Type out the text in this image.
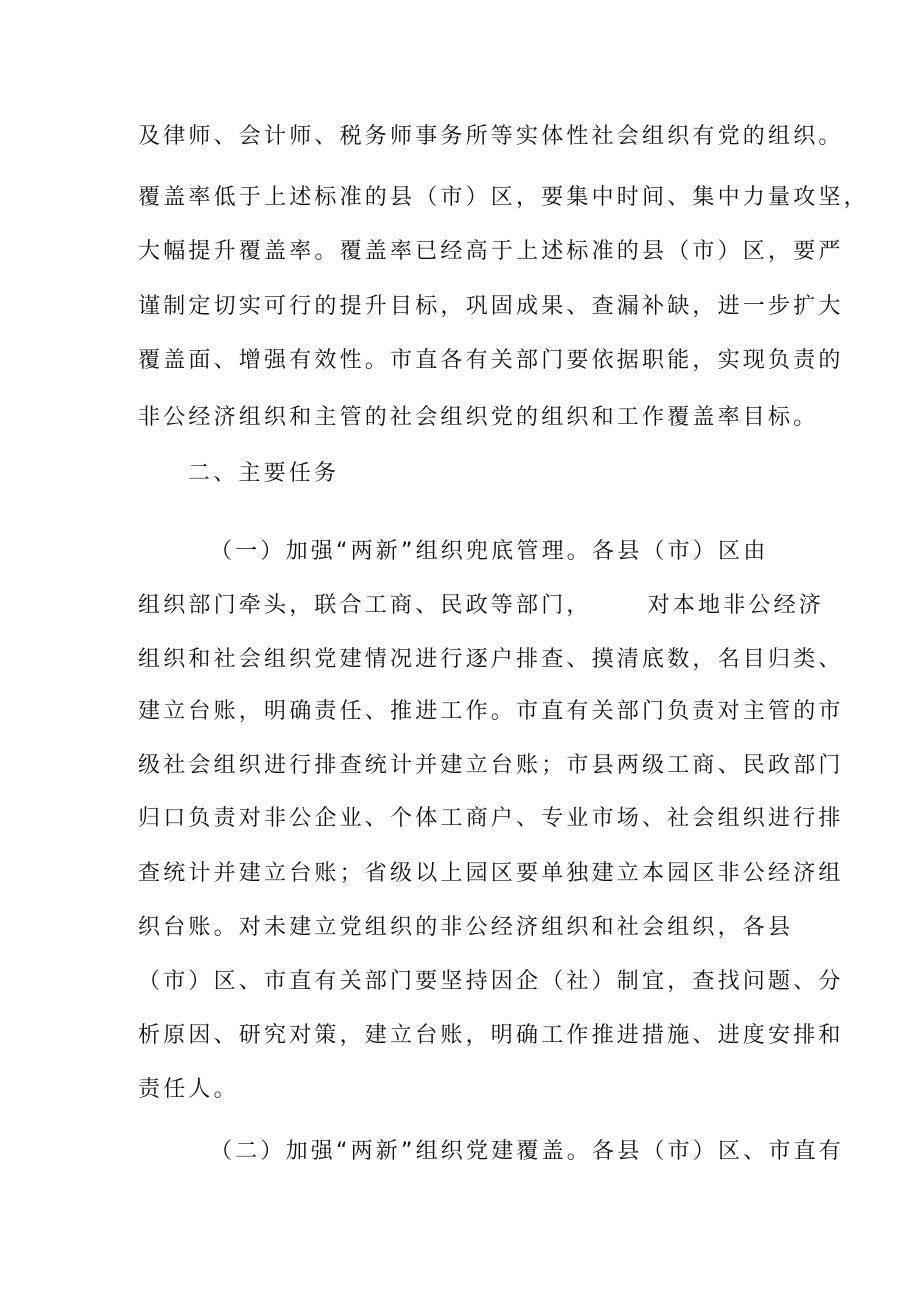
及律师、会计师、税务师事务所等实体性社会组织有党的组织。
覆盖率低于上述标准的县（市）区，要集中时间、集中力量攻坚，
大幅提升覆盖率。覆盖率已经高于上述标准的县（市）区，要严
谨制定切实可行的提升目标，巩固成果、查漏补缺，进一步扩大
覆盖面、增强有效性。市直各有关部门要依据职能，实现负责的
非公经济组织和主管的社会组织党的组织和工作覆盖率目标。
二、主要任务
（一）加强“两新”组织兜底管理。各县（市）区由
组织部门牵头，联合工商、民政等部门，	对本地非公经济
组织和社会组织党建情况进行逐户排查、摸清底数，名目归类、
建立台账，明确责任、推进工作。市直有关部门负责对主管的市
级社会组织进行排查统计并建立台账；市县两级工商、民政部门
归口负责对非公企业、个体工商户、专业市场、社会组织进行排
查统计并建立台账；省级以上园区要单独建立本园区非公经济组
织台账。对未建立党组织的非公经济组织和社会组织，各县
（市）区、市直有关部门要坚持因企（社）制宜，查找问题、分
析原因、研究对策，建立台账，明确工作推进措施、进度安排和
责任人。
（二）加强“两新”组织党建覆盖。各县（市）区、市直有
